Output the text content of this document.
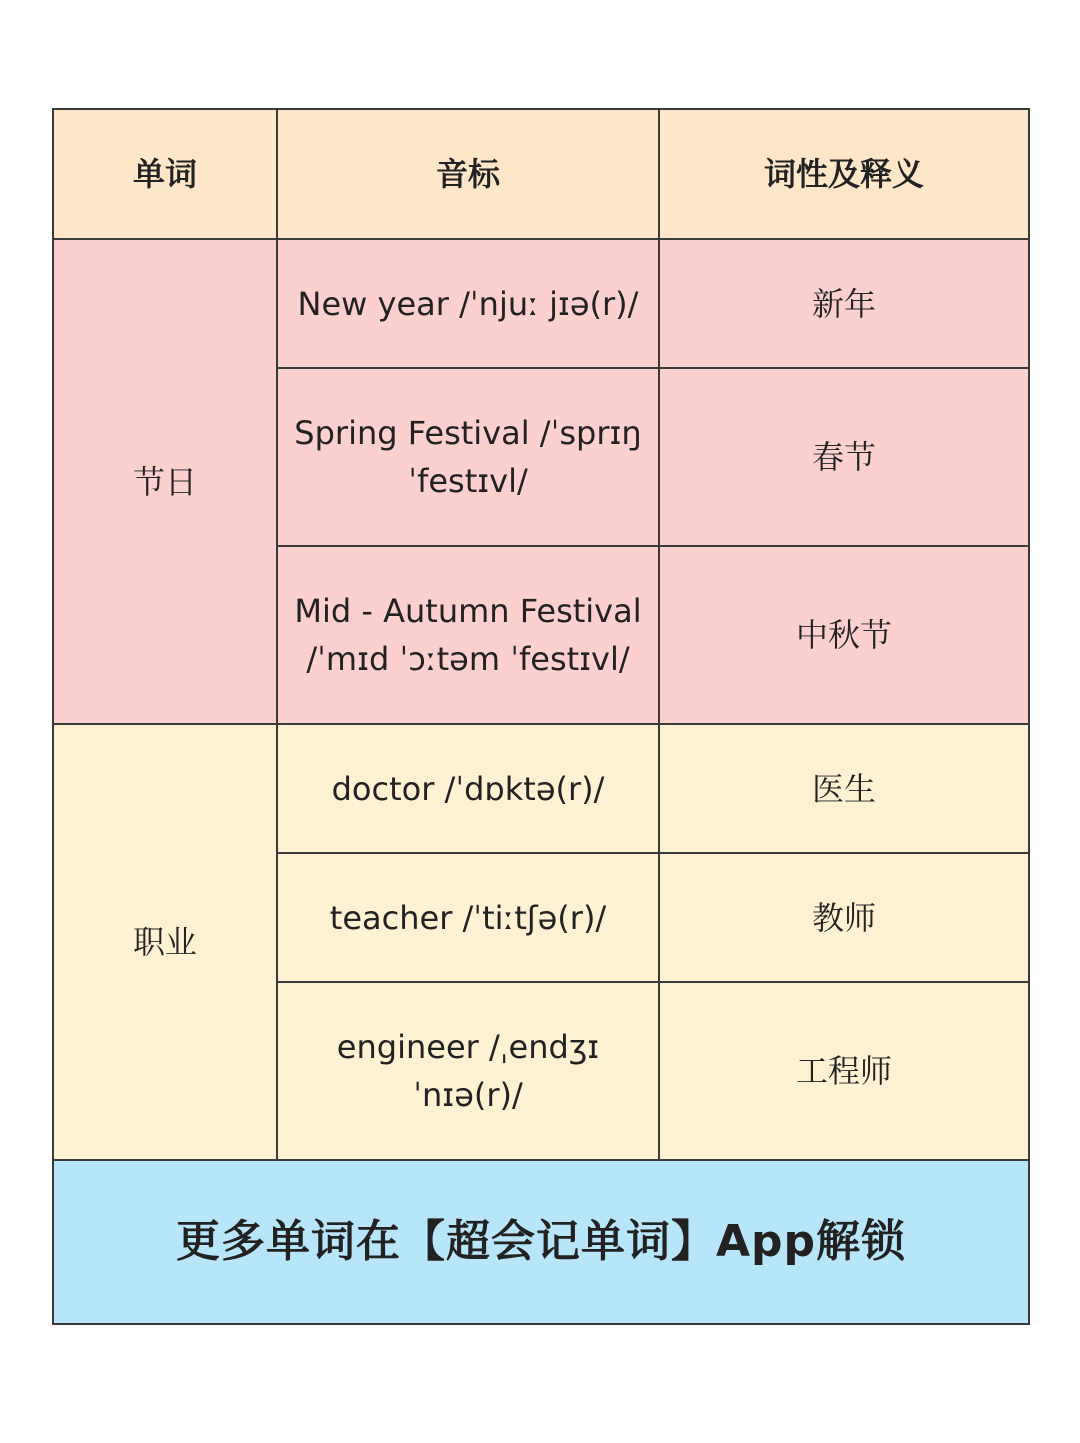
单词	音标	词性及释义
节日	New year /ˈnjuː jɪə(r)/	新年
	Spring Festival /ˈsprɪŋ ˈfestɪvl/	春节
	Mid - Autumn Festival /ˈmɪd ˈɔːtəm ˈfestɪvl/	中秋节
职业	doctor /ˈdɒktə(r)/	医生
	teacher /ˈtiːtʃə(r)/	教师
	engineer /ˌendʒɪ ˈnɪə(r)/	工程师
更多单词在【超会记单词】App解锁		
